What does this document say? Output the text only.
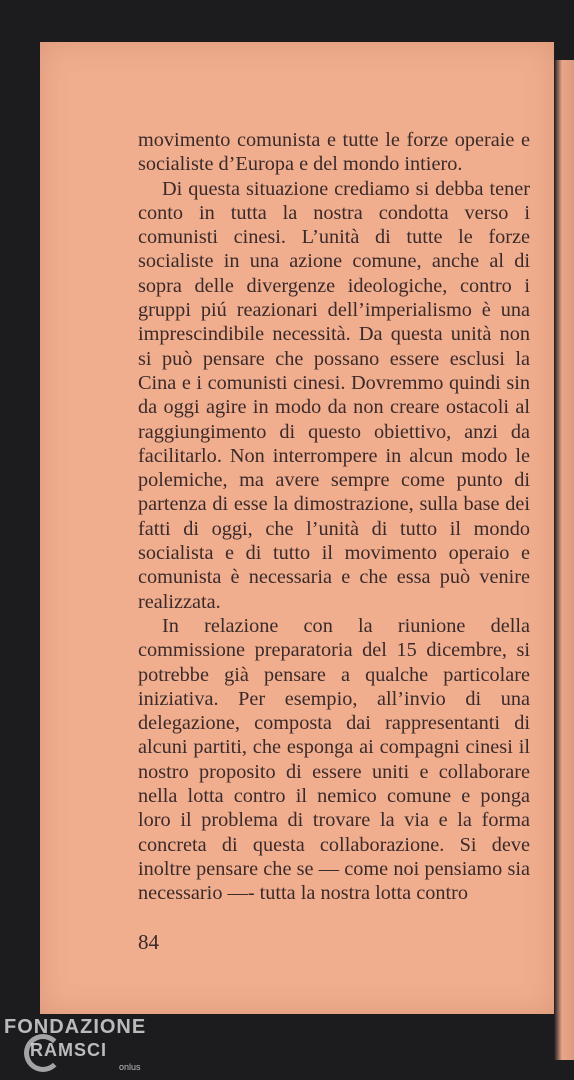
movimento comunista e tutte le forze operaie e socialiste d’Europa e del mondo intiero.

Di questa situazione crediamo si debba tener conto in tutta la nostra condotta verso i comunisti cinesi. L’unità di tutte le forze socialiste in una azione comune, anche al di sopra delle divergenze ideologiche, contro i gruppi piú reazionari dell’imperialismo è una imprescindibile necessità. Da questa unità non si può pensare che possano essere esclusi la Cina e i comunisti cinesi. Dovremmo quindi sin da oggi agire in modo da non creare ostacoli al raggiungimento di questo obiettivo, anzi da facilitarlo. Non interrompere in alcun modo le polemiche, ma avere sempre come punto di partenza di esse la dimostrazione, sulla base dei fatti di oggi, che l’unità di tutto il mondo socialista e di tutto il movimento operaio e comunista è necessaria e che essa può venire realizzata.

In relazione con la riunione della commissione preparatoria del 15 dicembre, si potrebbe già pensare a qualche particolare iniziativa. Per esempio, all’invio di una delegazione, composta dai rappresentanti di alcuni partiti, che esponga ai compagni cinesi il nostro proposito di essere uniti e collaborare nella lotta contro il nemico comune e ponga loro il problema di trovare la via e la forma concreta di questa collaborazione. Si deve inoltre pensare che se — come noi pensiamo sia necessario —- tutta la nostra lotta contro

84
FONDAZIONE
RAMSCI
onlus
